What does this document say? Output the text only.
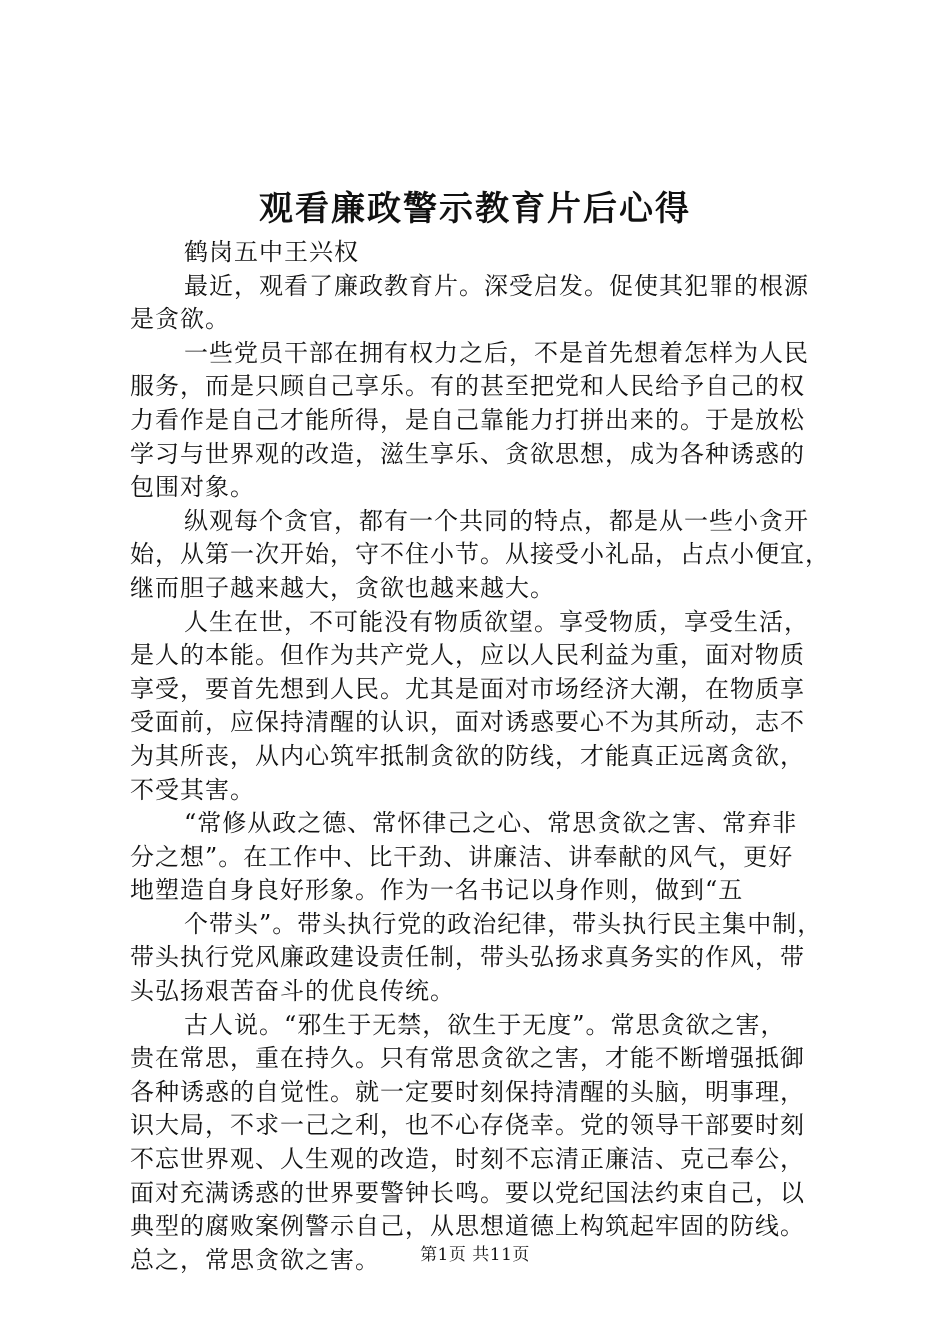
观看廉政警示教育片后心得
鹤岗五中王兴权
最近，观看了廉政教育片。深受启发。促使其犯罪的根源
是贪欲。
一些党员干部在拥有权力之后，不是首先想着怎样为人民
服务，而是只顾自己享乐。有的甚至把党和人民给予自己的权
力看作是自己才能所得，是自己靠能力打拼出来的。于是放松
学习与世界观的改造，滋生享乐、贪欲思想，成为各种诱惑的
包围对象。
纵观每个贪官，都有一个共同的特点，都是从一些小贪开
始，从第一次开始，守不住小节。从接受小礼品，占点小便宜，
继而胆子越来越大，贪欲也越来越大。
人生在世，不可能没有物质欲望。享受物质，享受生活，
是人的本能。但作为共产党人，应以人民利益为重，面对物质
享受，要首先想到人民。尤其是面对市场经济大潮，在物质享
受面前，应保持清醒的认识，面对诱惑要心不为其所动，志不
为其所丧，从内心筑牢抵制贪欲的防线，才能真正远离贪欲，
不受其害。
“常修从政之德、常怀律己之心、常思贪欲之害、常弃非
分之想”。在工作中、比干劲、讲廉洁、讲奉献的风气，更好
地塑造自身良好形象。作为一名书记以身作则，做到“五
个带头”。带头执行党的政治纪律，带头执行民主集中制，
带头执行党风廉政建设责任制，带头弘扬求真务实的作风，带
头弘扬艰苦奋斗的优良传统。
古人说。“邪生于无禁，欲生于无度”。常思贪欲之害，
贵在常思，重在持久。只有常思贪欲之害，才能不断增强抵御
各种诱惑的自觉性。就一定要时刻保持清醒的头脑，明事理，
识大局，不求一己之利，也不心存侥幸。党的领导干部要时刻
不忘世界观、人生观的改造，时刻不忘清正廉洁、克己奉公，
面对充满诱惑的世界要警钟长鸣。要以党纪国法约束自己，以
典型的腐败案例警示自己，从思想道德上构筑起牢固的防线。
总之，常思贪欲之害。	第1页 共11页
